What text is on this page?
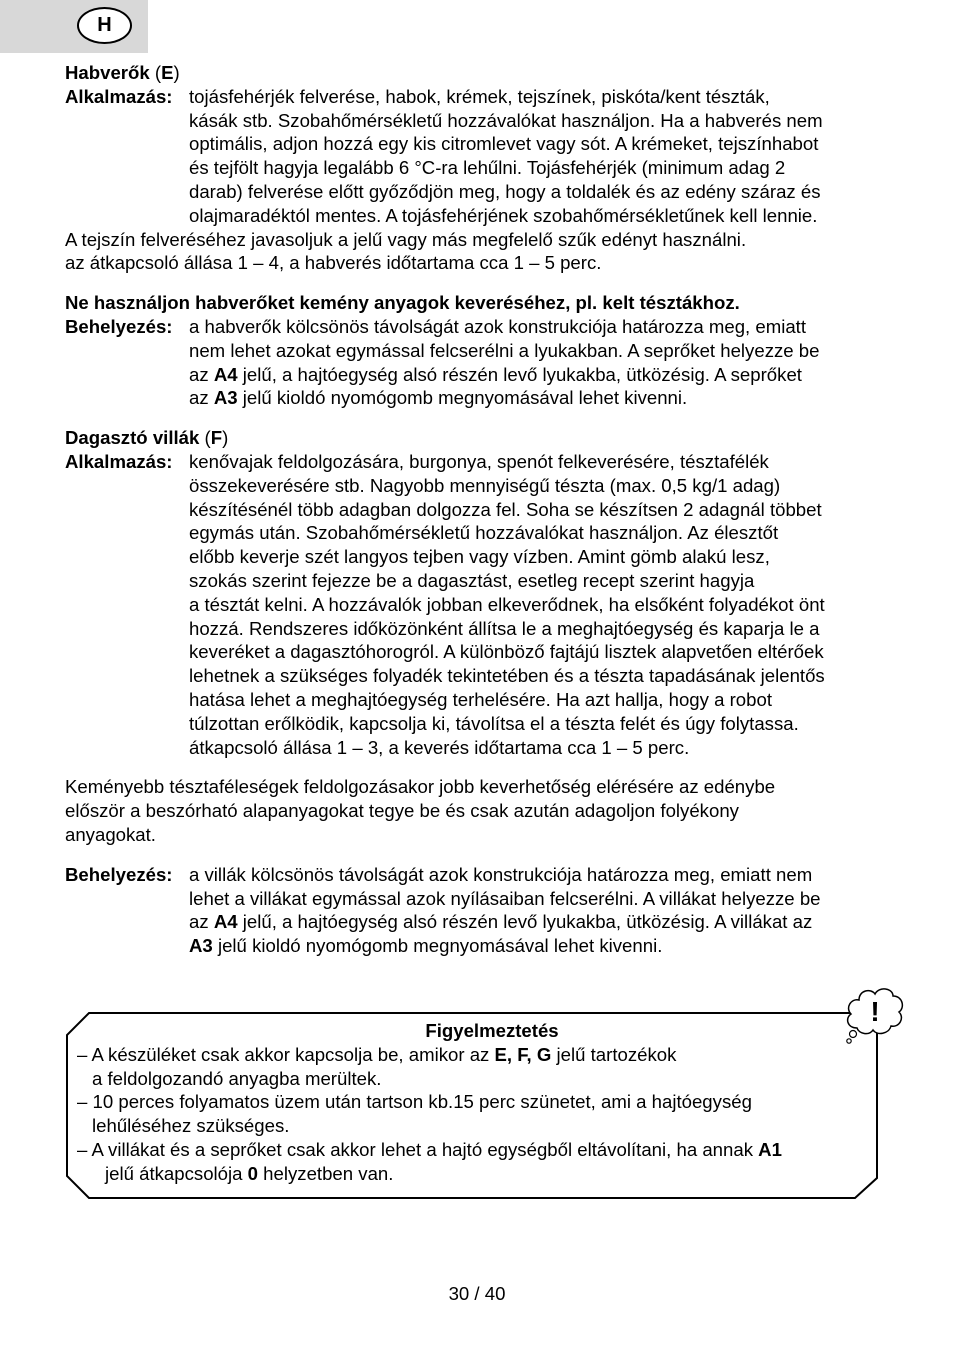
H

Habverők (E)

Alkalmazás: tojásfehérjék felverése, habok, krémek, tejszínek, piskóta/kent tészták,
kásák stb. Szobahőmérsékletű hozzávalókat használjon. Ha a habverés nem
optimális, adjon hozzá egy kis citromlevet vagy sót. A krémeket, tejszínhabot
és tejfölt hagyja legalább 6 °C-ra lehűlni. Tojásfehérjék (minimum adag 2
darab) felverése előtt győződjön meg, hogy a toldalék és az edény száraz és
olajmaradéktól mentes. A tojásfehérjének szobahőmérsékletűnek kell lennie.

A tejszín felveréséhez javasoljuk a jelű vagy más megfelelő szűk edényt használni.

az átkapcsoló állása 1 – 4, a habverés időtartama cca 1 – 5 perc.

Ne használjon habverőket kemény anyagok keveréséhez, pl. kelt tésztákhoz.

Behelyezés: a habverők kölcsönös távolságát azok konstrukciója határozza meg, emiatt
nem lehet azokat egymással felcserélni a lyukakban. A seprőket helyezze be
az A4 jelű, a hajtóegység alsó részén levő lyukakba, ütközésig. A seprőket
az A3 jelű kioldó nyomógomb megnyomásával lehet kivenni.

Dagasztó villák (F)

Alkalmazás: kenővajak feldolgozására, burgonya, spenót felkeverésére, tésztafélék
összekeverésére stb. Nagyobb mennyiségű tészta (max. 0,5 kg/1 adag)
készítésénél több adagban dolgozza fel. Soha se készítsen 2 adagnál többet
egymás után. Szobahőmérsékletű hozzávalókat használjon. Az élesztőt
előbb keverje szét langyos tejben vagy vízben. Amint gömb alakú lesz,
szokás szerint fejezze be a dagasztást, esetleg recept szerint hagyja
a tésztát kelni. A hozzávalók jobban elkeverődnek, ha elsőként folyadékot önt
hozzá. Rendszeres időközönként állítsa le a meghajtóegység és kaparja le a
keveréket a dagasztóhorogról. A különböző fajtájú lisztek alapvetően eltérőek
lehetnek a szükséges folyadék tekintetében és a tészta tapadásának jelentős
hatása lehet a meghajtóegység terhelésére. Ha azt hallja, hogy a robot
túlzottan erőlködik, kapcsolja ki, távolítsa el a tészta felét és úgy folytassa.
átkapcsoló állása 1 – 3, a keverés időtartama cca 1 – 5 perc.
Keményebb tésztaféleségek feldolgozásakor jobb keverhetőség elérésére az edénybe
először a beszórható alapanyagokat tegye be és csak azután adagoljon folyékony
anyagokat.
Behelyezés: a villák kölcsönös távolságát azok konstrukciója határozza meg, emiatt nem
lehet a villákat egymással azok nyílásaiban felcserélni. A villákat helyezze be
az A4 jelű, a hajtóegység alsó részén levő lyukakba, ütközésig. A villákat az
A3 jelű kioldó nyomógomb megnyomásával lehet kivenni.
!
Figyelmeztetés
– A készüléket csak akkor kapcsolja be, amikor az E, F, G jelű tartozékok
a feldolgozandó anyagba merültek.
– 10 perces folyamatos üzem után tartson kb.15 perc szünetet, ami a hajtóegység
lehűléséhez szükséges.
– A villákat és a seprőket csak akkor lehet a hajtó egységből eltávolítani, ha annak A1
jelű átkapcsolója 0 helyzetben van.
30 / 40
